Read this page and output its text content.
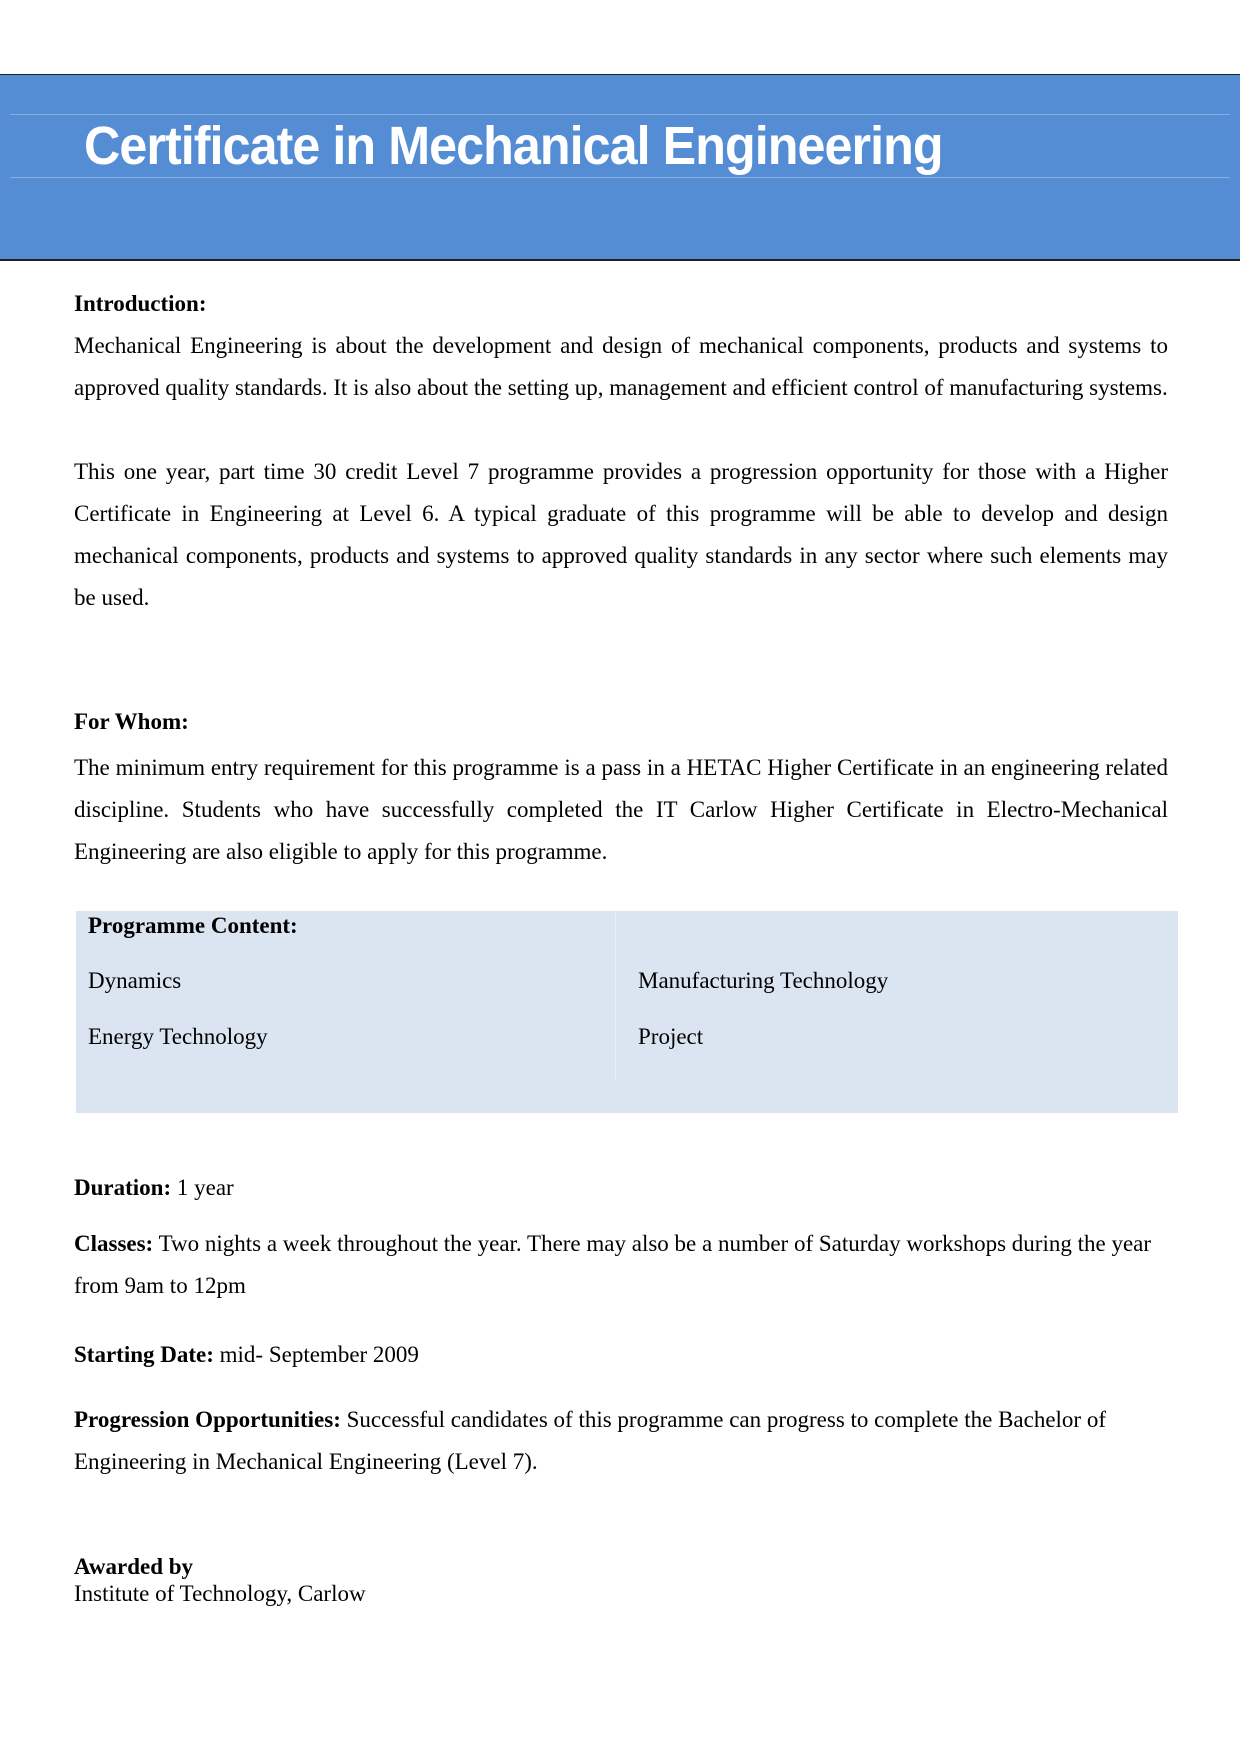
Certificate in Mechanical Engineering

Introduction:

Mechanical Engineering is about the development and design of mechanical components, products and systems to approved quality standards. It is also about the setting up, management and efficient control of manufacturing systems.

This one year, part time 30 credit Level 7 programme provides a progression opportunity for those with a Higher Certificate in Engineering at Level 6. A typical graduate of this programme will be able to develop and design mechanical components, products and systems to approved quality standards in any sector where such elements may be used.

For Whom:

The minimum entry requirement for this programme is a pass in a HETAC Higher Certificate in an engineering related discipline. Students who have successfully completed the IT Carlow Higher Certificate in Electro-Mechanical Engineering are also eligible to apply for this programme.

Programme Content:
Dynamics	Manufacturing Technology
Energy Technology	Project

Duration: 1 year

Classes: Two nights a week throughout the year. There may also be a number of Saturday workshops during the year from 9am to 12pm

Starting Date: mid- September 2009

Progression Opportunities: Successful candidates of this programme can progress to complete the Bachelor of Engineering in Mechanical Engineering (Level 7).

Awarded by

Institute of Technology, Carlow
